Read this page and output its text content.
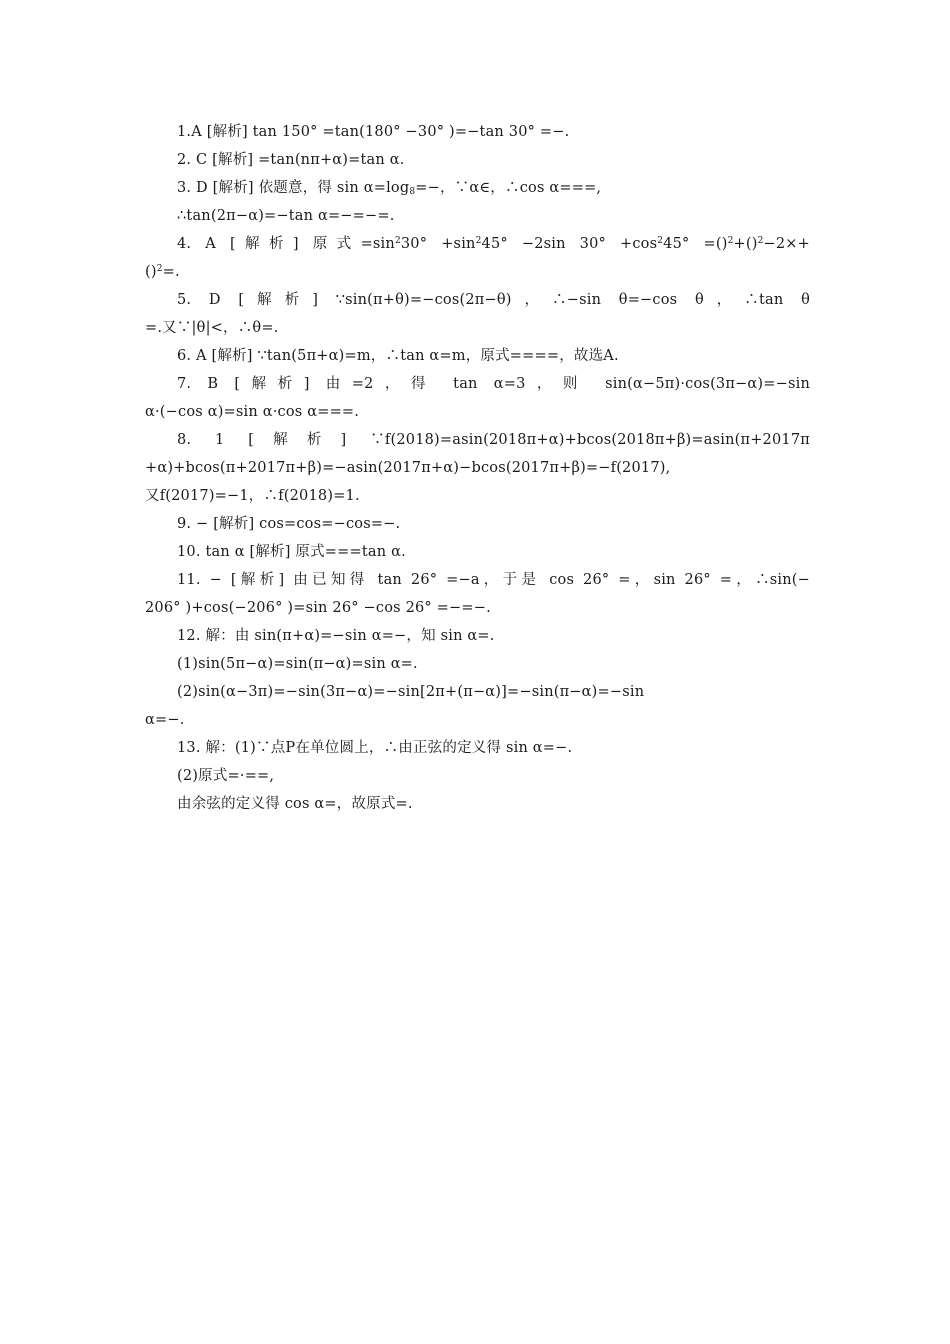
1.A [解析] tan 150° =tan(180° −30° )=−tan 30° =−.
2. C [解析] =tan(nπ+α)=tan α.
3. D [解析] 依题意，得 $\sin \alpha=\log_8=-$，∵α∈，∴cos α===,
∴tan(2π−α)=−tan α=−=−=.
4. A [解析] 原式$=\sin^230^\circ +\sin^245^\circ -2\sin$ $30^\circ +\cos^245^\circ =()^2+()^2-2\times+$
()$^2$=.
5. D [解析] ∵sin(π+θ)=−cos(2π−θ)，∴−sin θ=−cos θ，∴tan θ
=.又∵|θ|<，∴θ=.
6. A [解析] ∵tan(5π+α)=m，∴tan α=m，原式====，故选A.
7. B [解析] 由=2，得 tan α=3，则 sin(α−5π)·cos(3π−α)=−sin
α·(−cos α)=sin α·cos α===.
8. 1 [解析] ∵f(2018)=asin(2018π+α)+bcos(2018π+β)=asin(π+2017π
+α)+bcos(π+2017π+β)=−asin(2017π+α)−bcos(2017π+β)=−f(2017),
又f(2017)=−1，∴f(2018)=1.
9. − [解析] cos=cos=−cos=−.
10. tan α [解析] 原式===tan α.
11. − [解析] 由已知得 tan 26° =−a，于是 cos 26° =，sin 26° =，∴sin(−
206° )+cos(−206° )=sin 26° −cos 26° =−=−.
12. 解：由 sin(π+α)=−sin α=−，知 sin α=.
(1)sin(5π−α)=sin(π−α)=sin α=.
(2)sin(α−3π)=−sin(3π−α)=−sin[2π+(π−α)]=−sin(π−α)=−sin
α=−.
13. 解：(1)∵点P在单位圆上，∴由正弦的定义得 sin α=−.
(2)原式=·==,
由余弦的定义得 cos α=，故原式=.
